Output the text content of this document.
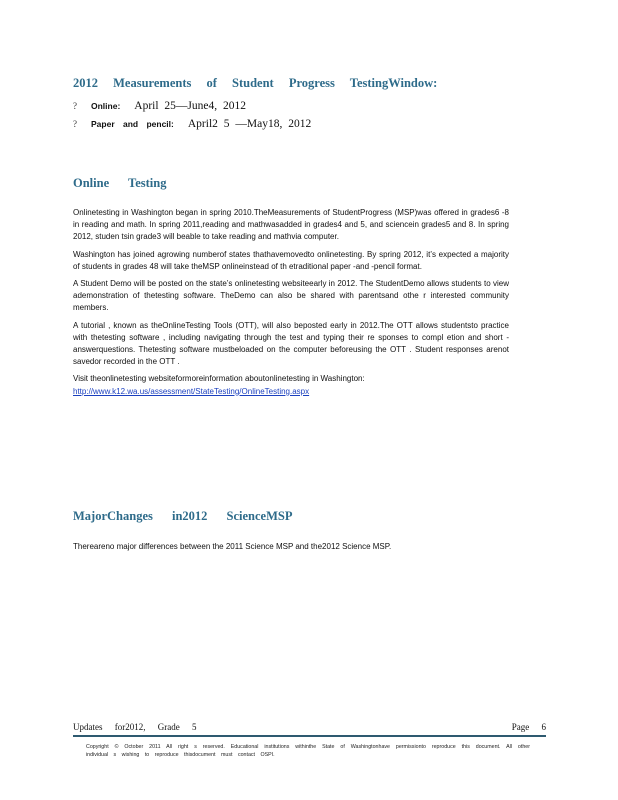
2012 Measurements of Student Progress TestingWindow:
?	Online: April 25—June4, 2012
?	Paper and pencil: April2 5 —May18, 2012
Online Testing

Onlinetesting in Washington began in spring 2010.TheMeasurements of StudentProgress (MSP)was offered in grades6 -8 in reading and math. In spring 2011,reading and mathwasadded in grades4 and 5, and sciencein grades5 and 8. In spring 2012, studen tsin grade3 will beable to take reading and mathvia computer.

Washington has joined agrowing numberof states thathavemovedto onlinetesting. By spring 2012, it’s expected a majority of students in grades 48 will take theMSP onlineinstead of th etraditional paper -and -pencil format.

A Student Demo will be posted on the state’s onlinetesting websiteearly in 2012. The StudentDemo allows students to view ademonstration of thetesting software. TheDemo can also be shared with parentsand othe r interested community members.

A tutorial , known as theOnlineTesting Tools (OTT), will also beposted early in 2012.The OTT allows studentsto practice with thetesting software , including navigating through the test and typing their re sponses to compl etion and short -answerquestions. Thetesting software mustbeloaded on the computer beforeusing the OTT . Student responses arenot savedor recorded in the OTT .

Visit theonlinetesting websiteformoreinformation aboutonlinetesting in Washington:

http://www.k12.wa.us/assessment/StateTesting/OnlineTesting.aspx
MajorChanges in2012 ScienceMSP

Thereareno major differences between the 2011 Science MSP and the2012 Science MSP.

Updates for2012, Grade 5	Page 6
Copyright © October 2011 All right s reserved. Educational institutions withinthe State of Washingtonhave permissionto reproduce this document. All other individual s wishing to reproduce thisdocument must contact OSPI.
